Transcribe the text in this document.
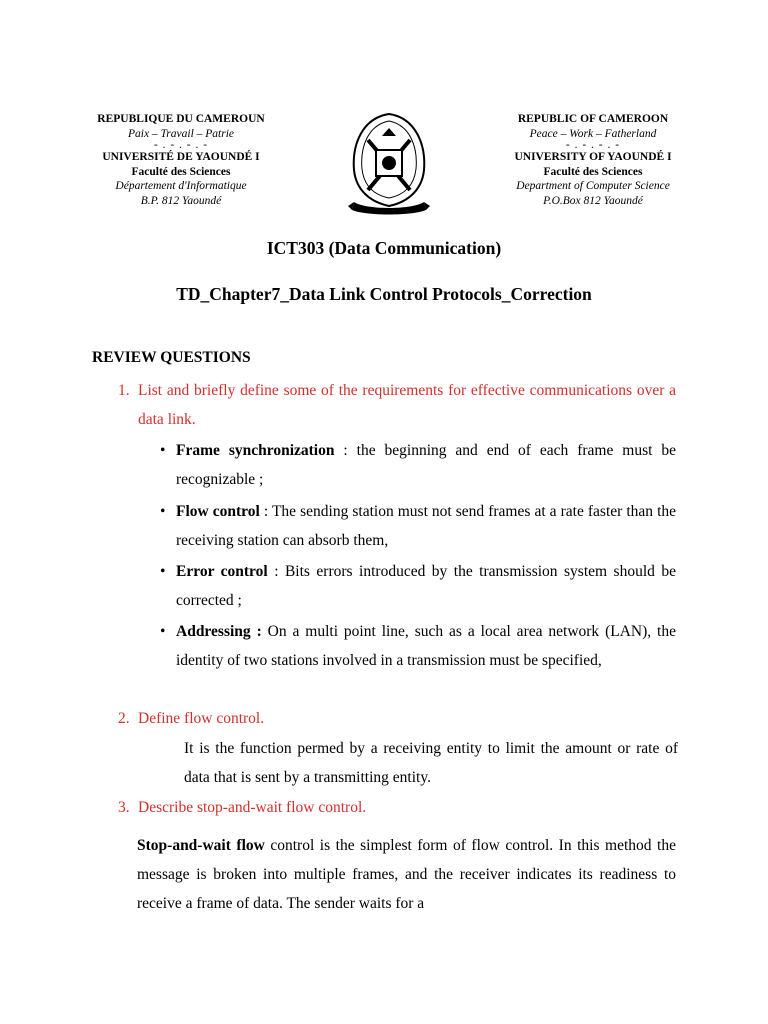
REPUBLIQUE DU CAMEROUN
Paix – Travail – Patrie
- . - . - . -
UNIVERSITÉ DE YAOUNDÉ I
Faculté des Sciences
Département d'Informatique
B.P. 812 Yaoundé
REPUBLIC OF CAMEROON
Peace – Work – Fatherland
- . - . - . -
UNIVERSITY OF YAOUNDÉ I
Faculté des Sciences
Department of Computer Science
P.O.Box 812 Yaoundé
ICT303 (Data Communication)
TD_Chapter7_Data Link Control Protocols_Correction
REVIEW QUESTIONS
1. List and briefly define some of the requirements for effective communications over a data link.
• Frame synchronization : the beginning and end of each frame must be recognizable ;
• Flow control : The sending station must not send frames at a rate faster than the receiving station can absorb them,
• Error control : Bits errors introduced by the transmission system should be corrected ;
• Addressing : On a multi point line, such as a local area network (LAN), the identity of two stations involved in a transmission must be specified,
2. Define flow control.
It is the function permed by a receiving entity to limit the amount or rate of data that is sent by a transmitting entity.
3. Describe stop-and-wait flow control.
Stop-and-wait flow control is the simplest form of flow control. In this method the message is broken into multiple frames, and the receiver indicates its readiness to receive a frame of data. The sender waits for a
